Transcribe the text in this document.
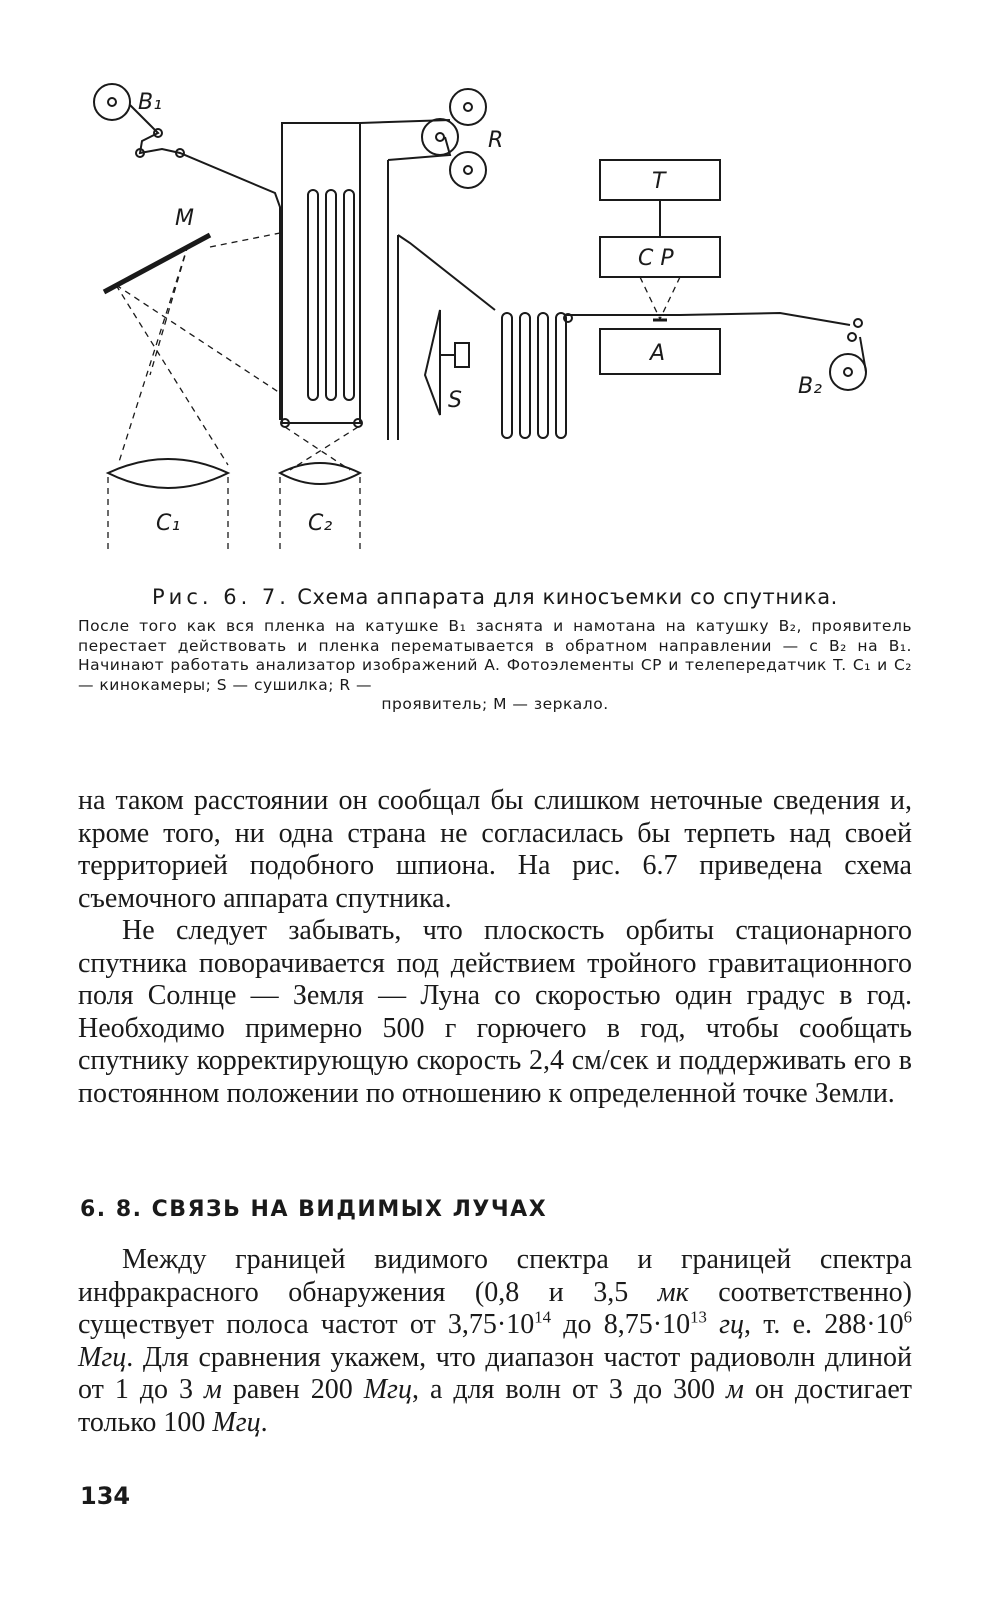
B₁
M
R
T
C P
A
S
B₂
C₁	C₂
Рис. 6. 7. Схема аппарата для киносъемки со спутника.
После того как вся пленка на катушке B₁ заснята и намотана на катушку B₂, проявитель перестает действовать и пленка перематывается в обратном направлении — с B₂ на B₁. Начинают работать анализатор изображений A. Фотоэлементы CP и телепередатчик T. C₁ и C₂ — кинокамеры; S — сушилка; R —
проявитель; M — зеркало.

на таком расстоянии он сообщал бы слишком неточные сведения и, кроме того, ни одна страна не согласилась бы терпеть над своей территорией подобного шпиона. На рис. 6.7 приведена схема съемочного аппарата спутника.

Не следует забывать, что плоскость орбиты стационарного спутника поворачивается под действием тройного гравитационного поля Солнце — Земля — Луна со скоростью один градус в год. Необходимо примерно 500 г горючего в год, чтобы сообщать спутнику корректирующую скорость 2,4 см/сек и поддерживать его в постоянном положении по отношению к определенной точке Земли.

6. 8. СВЯЗЬ НА ВИДИМЫХ ЛУЧАХ

Между границей видимого спектра и границей спектра инфракрасного обнаружения (0,8 и 3,5 мк соответственно) существует полоса частот от $3,75\cdot 10^{14}$ до $8,75\cdot 10^{13}$ гц, т. е. $288\cdot 10^6$ Мгц. Для сравнения укажем, что диапазон частот радиоволн длиной от 1 до 3 м равен 200 Мгц, а для волн от 3 до 300 м он достигает только 100 Мгц.

134
